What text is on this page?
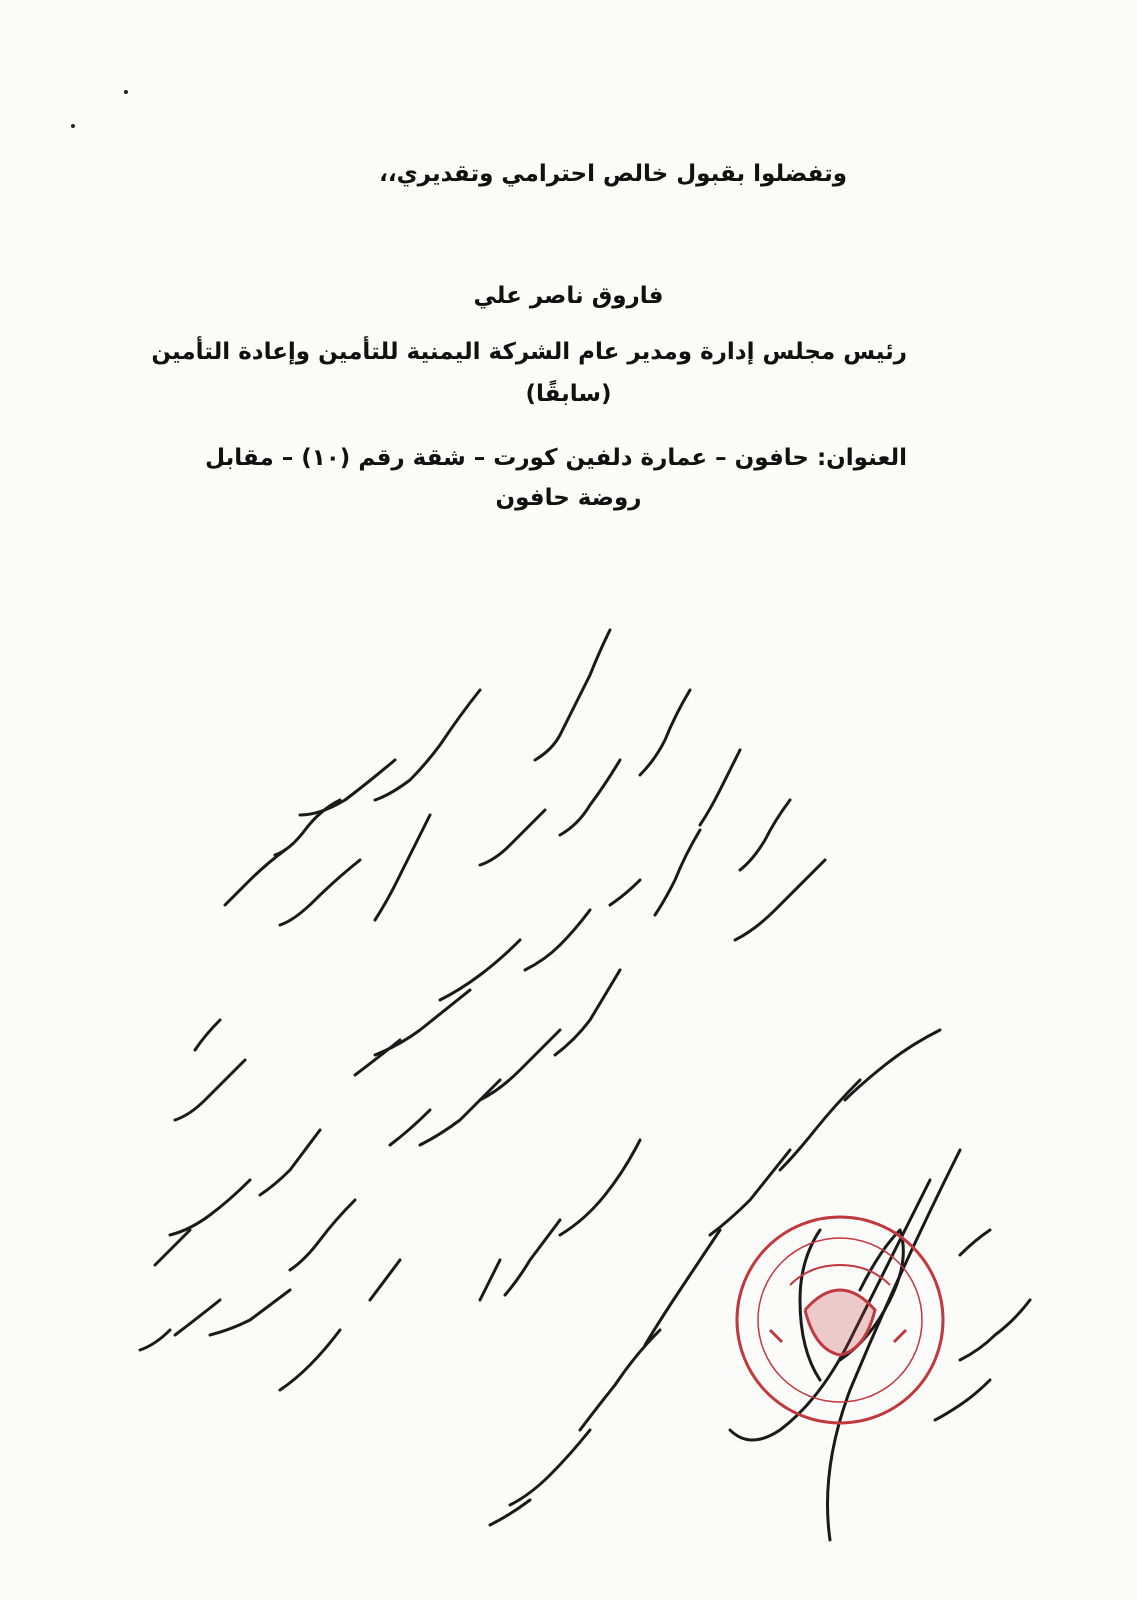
وتفضلوا بقبول خالص احترامي وتقديري،،
فاروق ناصر علي
رئيس مجلس إدارة ومدير عام الشركة اليمنية للتأمين وإعادة التأمين
(سابقًا)
العنوان: حافون – عمارة دلفين كورت – شقة رقم (١٠) – مقابل
روضة حافون
